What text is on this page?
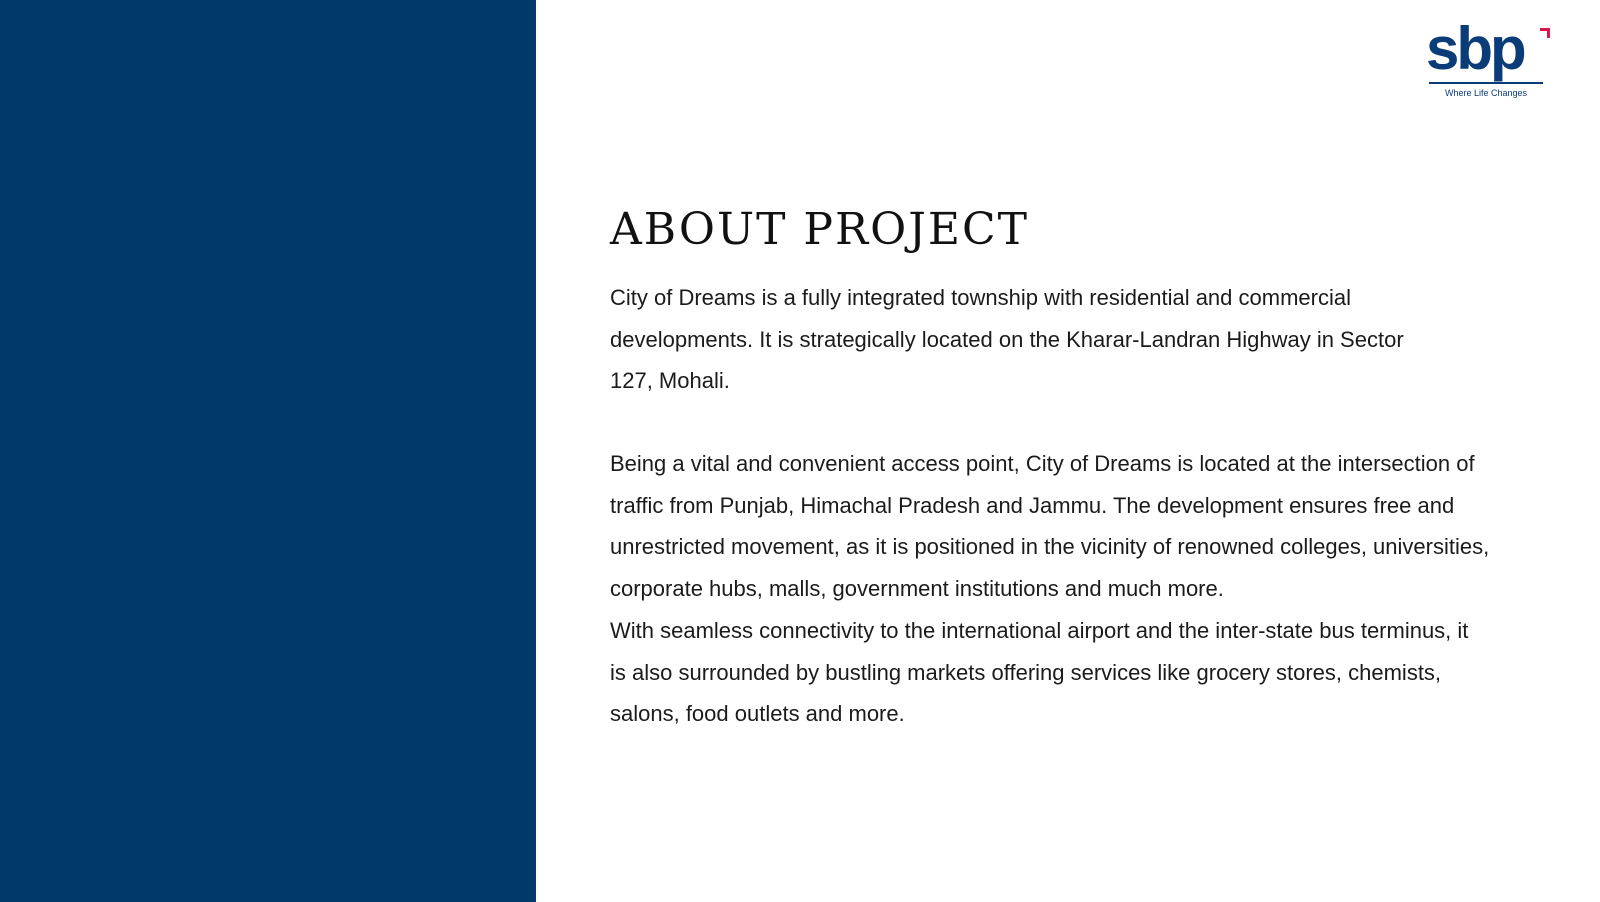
sbp
Where Life Changes
ABOUT PROJECT

City of Dreams is a fully integrated township with residential and commercial developments. It is strategically located on the Kharar-Landran Highway in Sector 127, Mohali.

Being a vital and convenient access point, City of Dreams is located at the intersection of traffic from Punjab, Himachal Pradesh and Jammu. The development ensures free and unrestricted movement, as it is positioned in the vicinity of renowned colleges, universities, corporate hubs, malls, government institutions and much more.

With seamless connectivity to the international airport and the inter-state bus terminus, it is also surrounded by bustling markets offering services like grocery stores, chemists, salons, food outlets and more.
